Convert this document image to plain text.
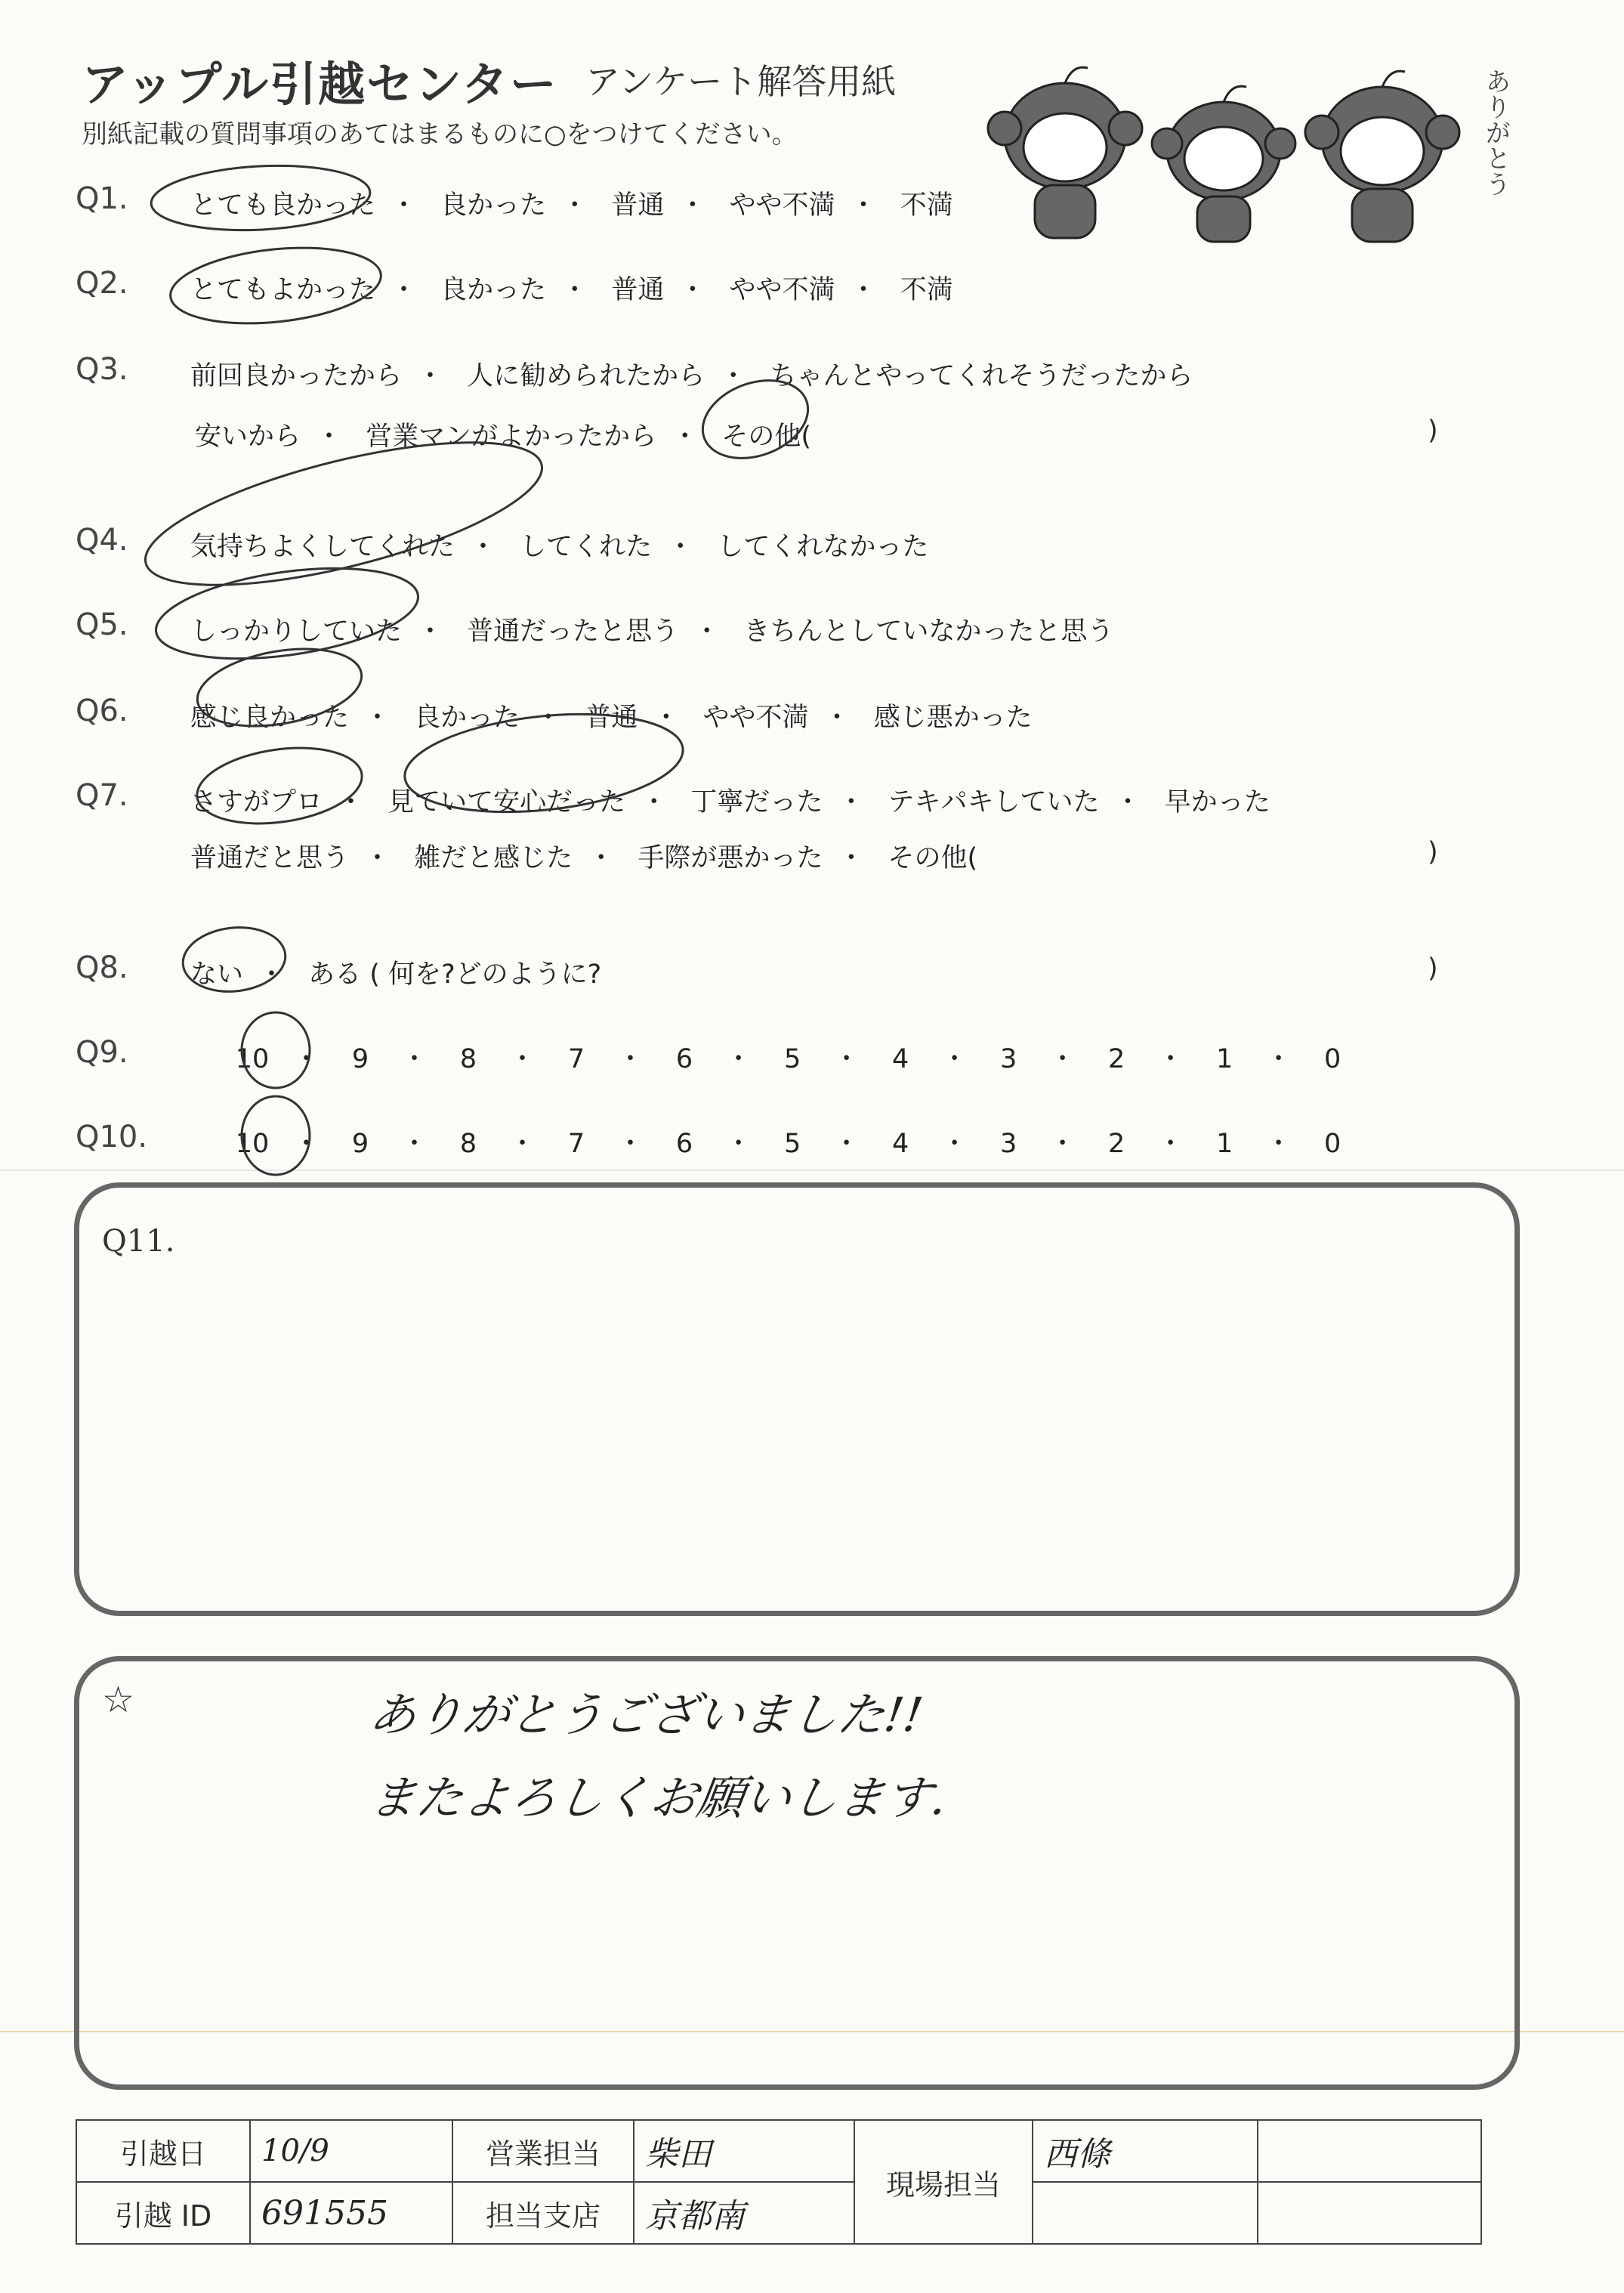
アップル引越センター アンケート解答用紙
別紙記載の質問事項のあてはまるものに○をつけてください。	ありがとう
Q1. とても良かった ・ 良かった ・ 普通 ・ やや不満 ・ 不満
Q2. とてもよかった ・ 良かった ・ 普通 ・ やや不満 ・ 不満
Q3. 前回良かったから ・ 人に勧められたから ・ ちゃんとやってくれそうだったから
安いから ・ 営業マンがよかったから ・ その他(	)
Q4. 気持ちよくしてくれた ・ してくれた ・ してくれなかった
Q5. しっかりしていた ・ 普通だったと思う ・ きちんとしていなかったと思う
Q6. 感じ良かった ・ 良かった ・ 普通 ・ やや不満 ・ 感じ悪かった
Q7. さすがプロ ・ 見ていて安心だった ・ 丁寧だった ・ テキパキしていた ・ 早かった
普通だと思う ・ 雑だと感じた ・ 手際が悪かった ・ その他(	)
Q8. ない ・ ある ( 何を?どのように?	)
Q9.	10 ・ 9 ・ 8 ・ 7 ・ 6 ・ 5 ・ 4 ・ 3 ・ 2 ・ 1 ・ 0
Q10.	10 ・ 9 ・ 8 ・ 7 ・ 6 ・ 5 ・ 4 ・ 3 ・ 2 ・ 1 ・ 0
Q11.
☆	ありがとうございました!!
またよろしくお願いします.
引越日	10/9	営業担当	柴田	現場担当	西條	
引越 ID	691555	担当支店	京都南			
